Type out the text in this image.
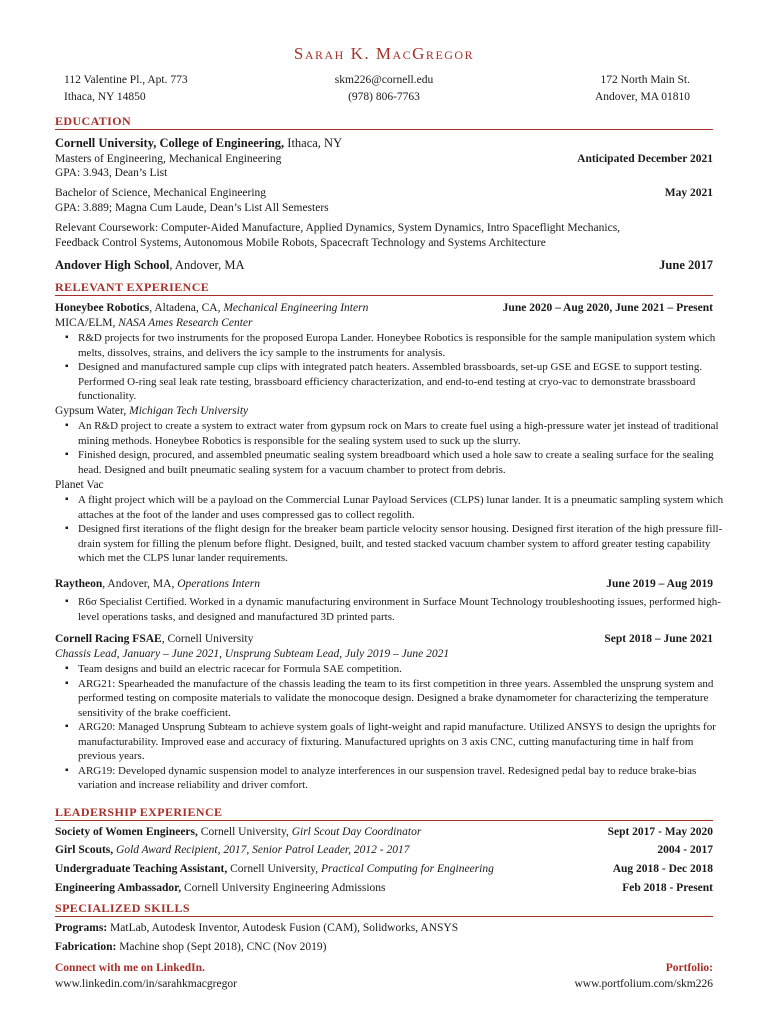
Sarah K. MacGregor
112 Valentine Pl., Apt. 773
Ithaca, NY 14850
skm226@cornell.edu
(978) 806-7763
172 North Main St.
Andover, MA 01810
EDUCATION
Cornell University, College of Engineering, Ithaca, NY
Masters of Engineering, Mechanical Engineering	Anticipated December 2021
GPA: 3.943, Dean’s List
Bachelor of Science, Mechanical Engineering	May 2021
GPA: 3.889; Magna Cum Laude, Dean’s List All Semesters
Relevant Coursework: Computer-Aided Manufacture, Applied Dynamics, System Dynamics, Intro Spaceflight Mechanics,
Feedback Control Systems, Autonomous Mobile Robots, Spacecraft Technology and Systems Architecture
Andover High School, Andover, MA	June 2017
RELEVANT EXPERIENCE
Honeybee Robotics, Altadena, CA, Mechanical Engineering Intern	June 2020 – Aug 2020, June 2021 – Present
MICA/ELM, NASA Ames Research Center
▪ R&D projects for two instruments for the proposed Europa Lander. Honeybee Robotics is responsible for the sample manipulation system which melts, dissolves, strains, and delivers the icy sample to the instruments for analysis.
▪ Designed and manufactured sample cup clips with integrated patch heaters. Assembled brassboards, set-up GSE and EGSE to support testing. Performed O-ring seal leak rate testing, brassboard efficiency characterization, and end-to-end testing at cryo-vac to demonstrate brassboard functionality.
Gypsum Water, Michigan Tech University
▪ An R&D project to create a system to extract water from gypsum rock on Mars to create fuel using a high-pressure water jet instead of traditional mining methods. Honeybee Robotics is responsible for the sealing system used to suck up the slurry.
▪ Finished design, procured, and assembled pneumatic sealing system breadboard which used a hole saw to create a sealing surface for the sealing head. Designed and built pneumatic sealing system for a vacuum chamber to protect from debris.
Planet Vac
▪ A flight project which will be a payload on the Commercial Lunar Payload Services (CLPS) lunar lander. It is a pneumatic sampling system which attaches at the foot of the lander and uses compressed gas to collect regolith.
▪ Designed first iterations of the flight design for the breaker beam particle velocity sensor housing. Designed first iteration of the high pressure fill-drain system for filling the plenum before flight. Designed, built, and tested stacked vacuum chamber system to afford greater testing capability which met the CLPS lunar lander requirements.
Raytheon, Andover, MA, Operations Intern	June 2019 – Aug 2019
▪ R6σ Specialist Certified. Worked in a dynamic manufacturing environment in Surface Mount Technology troubleshooting issues, performed high-level operations tasks, and designed and manufactured 3D printed parts.
Cornell Racing FSAE, Cornell University	Sept 2018 – June 2021
Chassis Lead, January – June 2021, Unsprung Subteam Lead, July 2019 – June 2021
▪ Team designs and build an electric racecar for Formula SAE competition.
▪ ARG21: Spearheaded the manufacture of the chassis leading the team to its first competition in three years. Assembled the unsprung system and performed testing on composite materials to validate the monocoque design. Designed a brake dynamometer for characterizing the temperature sensitivity of the brake coefficient.
▪ ARG20: Managed Unsprung Subteam to achieve system goals of light-weight and rapid manufacture. Utilized ANSYS to design the uprights for manufacturability. Improved ease and accuracy of fixturing. Manufactured uprights on 3 axis CNC, cutting manufacturing time in half from previous years.
▪ ARG19: Developed dynamic suspension model to analyze interferences in our suspension travel. Redesigned pedal bay to reduce brake-bias variation and increase reliability and driver comfort.
LEADERSHIP EXPERIENCE
Society of Women Engineers, Cornell University, Girl Scout Day Coordinator	Sept 2017 - May 2020
Girl Scouts, Gold Award Recipient, 2017, Senior Patrol Leader, 2012 - 2017	2004 - 2017
Undergraduate Teaching Assistant, Cornell University, Practical Computing for Engineering	Aug 2018 - Dec 2018
Engineering Ambassador, Cornell University Engineering Admissions	Feb 2018 - Present
SPECIALIZED SKILLS
Programs: MatLab, Autodesk Inventor, Autodesk Fusion (CAM), Solidworks, ANSYS
Fabrication: Machine shop (Sept 2018), CNC (Nov 2019)
Connect with me on LinkedIn.	Portfolio:
www.linkedin.com/in/sarahkmacgregor	www.portfolium.com/skm226
